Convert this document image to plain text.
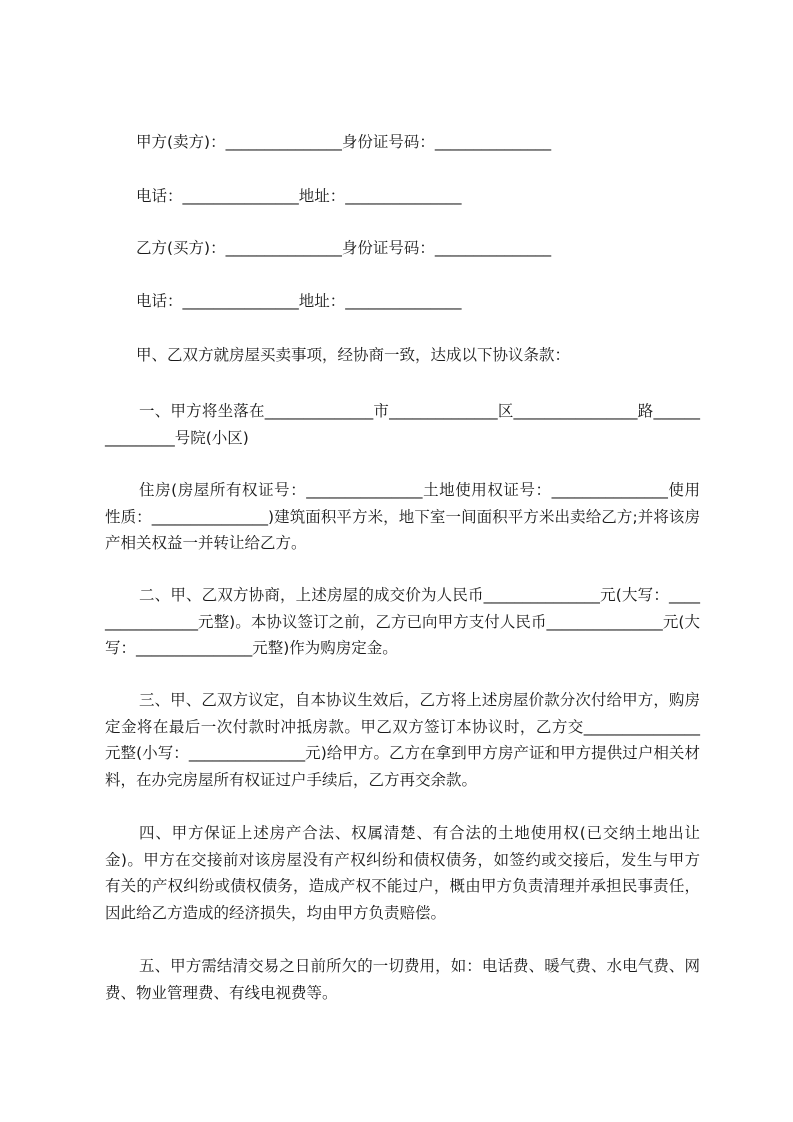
甲方(卖方)：_______________身份证号码：_______________
电话：_______________地址：_______________
乙方(买方)：_______________身份证号码：_______________
电话：_______________地址：_______________
甲、乙双方就房屋买卖事项，经协商一致，达成以下协议条款：
一、甲方将坐落在______________市______________区________________路_______________号院(小区)
住房(房屋所有权证号：_______________土地使用权证号：_______________使用性质：_______________)建筑面积平方米，地下室一间面积平方米出卖给乙方;并将该房产相关权益一并转让给乙方。
二、甲、乙双方协商，上述房屋的成交价为人民币_______________元(大写：________________元整)。本协议签订之前，乙方已向甲方支付人民币_______________元(大写：_______________元整)作为购房定金。
三、甲、乙双方议定，自本协议生效后，乙方将上述房屋价款分次付给甲方，购房定金将在最后一次付款时冲抵房款。甲乙双方签订本协议时，乙方交_______________元整(小写：_______________元)给甲方。乙方在拿到甲方房产证和甲方提供过户相关材料，在办完房屋所有权证过户手续后，乙方再交余款。
四、甲方保证上述房产合法、权属清楚、有合法的土地使用权(已交纳土地出让金)。甲方在交接前对该房屋没有产权纠纷和债权债务，如签约或交接后，发生与甲方有关的产权纠纷或债权债务，造成产权不能过户，概由甲方负责清理并承担民事责任，因此给乙方造成的经济损失，均由甲方负责赔偿。
五、甲方需结清交易之日前所欠的一切费用，如：电话费、暖气费、水电气费、网费、物业管理费、有线电视费等。
